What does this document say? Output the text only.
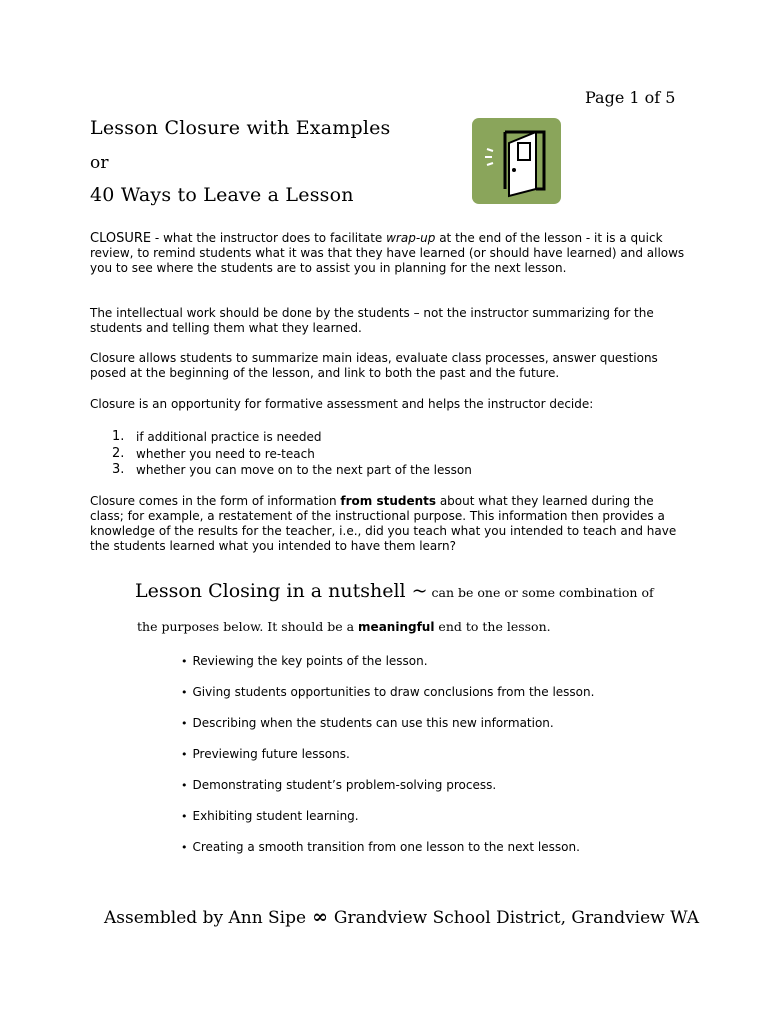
Page 1 of 5
Lesson Closure with Examples
or
40 Ways to Leave a Lesson
CLOSURE - what the instructor does to facilitate wrap-up at the end of the lesson - it is a quick review, to remind students what it was that they have learned (or should have learned) and allows you to see where the students are to assist you in planning for the next lesson.
The intellectual work should be done by the students – not the instructor summarizing for the students and telling them what they learned.
Closure allows students to summarize main ideas, evaluate class processes, answer questions posed at the beginning of the lesson, and link to both the past and the future.
Closure is an opportunity for formative assessment and helps the instructor decide:
1. if additional practice is needed
2. whether you need to re-teach
3. whether you can move on to the next part of the lesson
Closure comes in the form of information from students about what they learned during the class; for example, a restatement of the instructional purpose. This information then provides a knowledge of the results for the teacher, i.e., did you teach what you intended to teach and have the students learned what you intended to have them learn?
Lesson Closing in a nutshell ~ can be one or some combination of
the purposes below. It should be a meaningful end to the lesson.
• Reviewing the key points of the lesson.
• Giving students opportunities to draw conclusions from the lesson.
• Describing when the students can use this new information.
• Previewing future lessons.
• Demonstrating student’s problem-solving process.
• Exhibiting student learning.
• Creating a smooth transition from one lesson to the next lesson.
Assembled by Ann Sipe ∞ Grandview School District, Grandview WA
